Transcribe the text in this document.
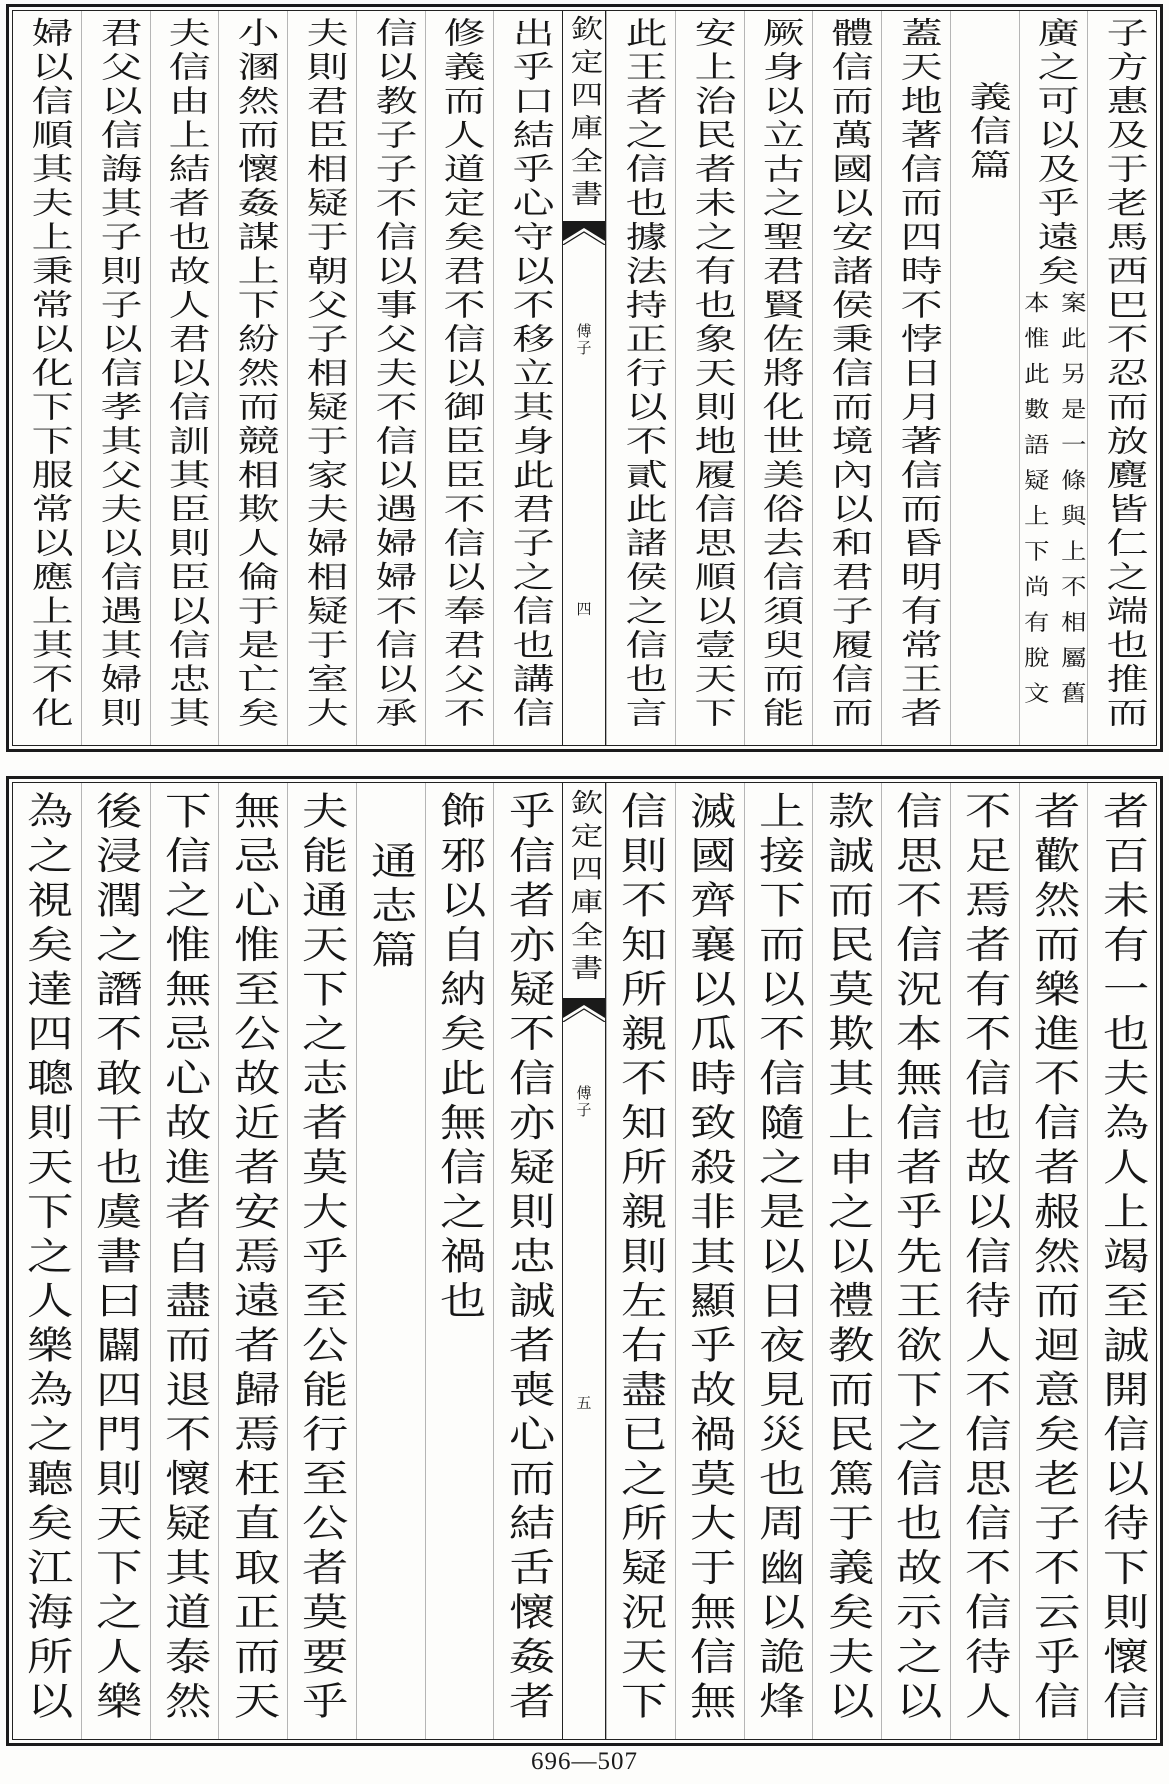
子方惠及于老馬西巴不忍而放麑皆仁之端也推而
廣之可以及乎遠矣
案此另是一條與上不相屬舊
本惟此數語疑上下尚有脫文
義信篇
蓋天地著信而四時不悖日月著信而昏明有常王者
體信而萬國以安諸侯秉信而境內以和君子履信而
厥身以立古之聖君賢佐將化世美俗去信須臾而能
安上治民者未之有也象天則地履信思順以壹天下
此王者之信也據法持正行以不貳此諸侯之信也言
欽定四庫全書
傅子
四
出乎口結乎心守以不移立其身此君子之信也講信
修義而人道定矣君不信以御臣臣不信以奉君父不
信以教子子不信以事父夫不信以遇婦婦不信以承
夫則君臣相疑于朝父子相疑于家夫婦相疑于室大
小溷然而懷姦謀上下紛然而競相欺人倫于是亡矣
夫信由上結者也故人君以信訓其臣則臣以信忠其
君父以信誨其子則子以信孝其父夫以信遇其婦則
婦以信順其夫上秉常以化下下服常以應上其不化
者百未有一也夫為人上竭至誠開信以待下則懷信
者歡然而樂進不信者赧然而迴意矣老子不云乎信
不足焉者有不信也故以信待人不信思信不信待人
信思不信況本無信者乎先王欲下之信也故示之以
款誠而民莫欺其上申之以禮教而民篤于義矣夫以
上接下而以不信隨之是以日夜見災也周幽以詭烽
滅國齊襄以瓜時致殺非其顯乎故禍莫大于無信無
信則不知所親不知所親則左右盡已之所疑況天下
欽定四庫全書
傅子
五
乎信者亦疑不信亦疑則忠誠者喪心而結舌懷姦者
飾邪以自納矣此無信之禍也
通志篇
夫能通天下之志者莫大乎至公能行至公者莫要乎
無忌心惟至公故近者安焉遠者歸焉枉直取正而天
下信之惟無忌心故進者自盡而退不懷疑其道泰然
後浸潤之譖不敢干也虞書曰闢四門則天下之人樂
為之視矣達四聰則天下之人樂為之聽矣江海所以
696—507
